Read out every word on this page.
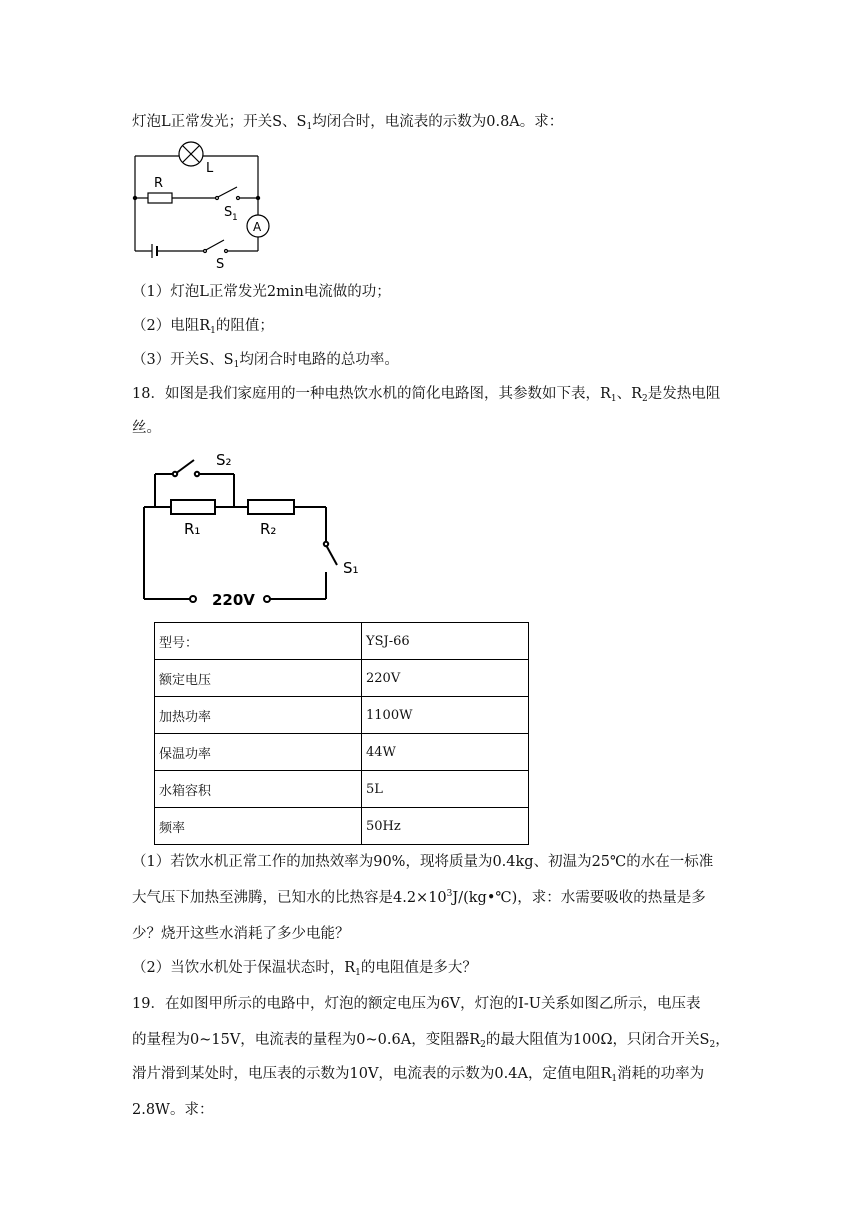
灯泡L正常发光；开关S、$S_1$均闭合时，电流表的示数为0.8A。求：
L
R
S 1
A
S
（1）灯泡L正常发光2min电流做的功；
（2）电阻$R_1$的阻值；
（3）开关S、$S_1$均闭合时电路的总功率。
18．如图是我们家庭用的一种电热饮水机的简化电路图，其参数如下表，$R_1$、$R_2$是发热电阻
丝。
S₂
R₁	R₂
S₁
220V
型号：	YSJ-66
额定电压	220V
加热功率	1100W
保温功率	44W
水箱容积	5L
频率	50Hz
（1）若饮水机正常工作的加热效率为90%，现将质量为0.4kg、初温为25℃的水在一标准
大气压下加热至沸腾，已知水的比热容是$4.2\times 10^3J/(kg•℃)$，求：水需要吸收的热量是多
少？烧开这些水消耗了多少电能？
（2）当饮水机处于保温状态时，$R_1$的电阻值是多大？
19．在如图甲所示的电路中，灯泡的额定电压为6V，灯泡的I-U关系如图乙所示，电压表
的量程为0~15V，电流表的量程为0~0.6A，变阻器$R_2$的最大阻值为100Ω，只闭合开关$S_2$，
滑片滑到某处时，电压表的示数为10V，电流表的示数为0.4A，定值电阻$R_1$消耗的功率为
2.8W。求：
